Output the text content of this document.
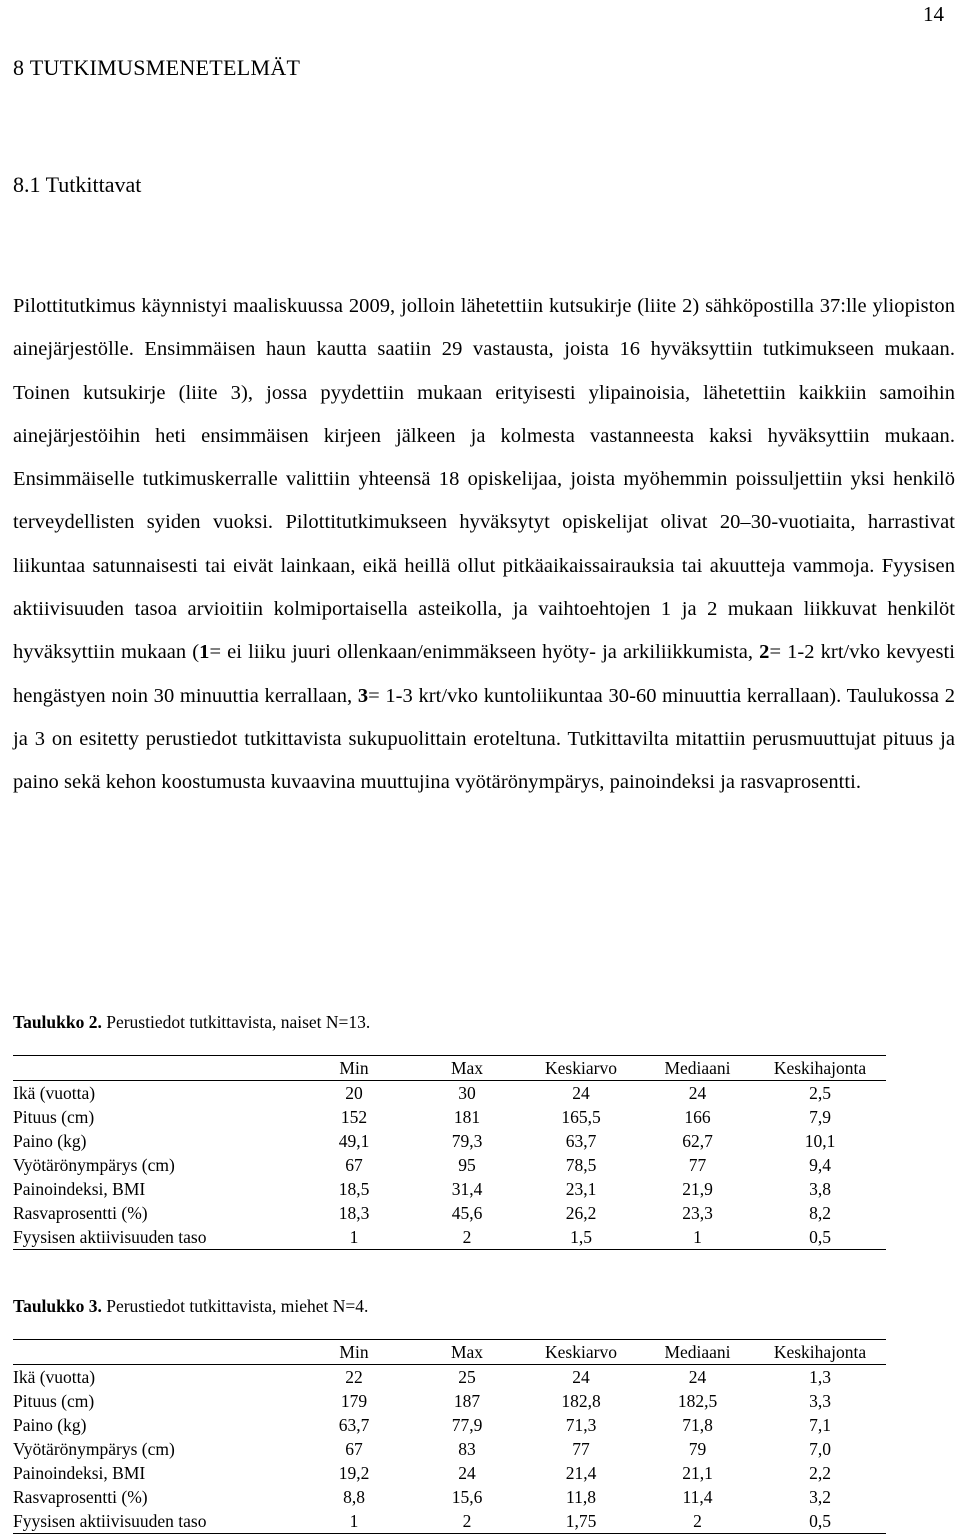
14
8 TUTKIMUSMENETELMÄT
8.1 Tutkittavat

Pilottitutkimus käynnistyi maaliskuussa 2009, jolloin lähetettiin kutsukirje (liite 2) sähköpostilla 37:lle yliopiston ainejärjestölle. Ensimmäisen haun kautta saatiin 29 vastausta, joista 16 hyväksyttiin tutkimukseen mukaan. Toinen kutsukirje (liite 3), jossa pyydettiin mukaan erityisesti ylipainoisia, lähetettiin kaikkiin samoihin ainejärjestöihin heti ensimmäisen kirjeen jälkeen ja kolmesta vastanneesta kaksi hyväksyttiin mukaan. Ensimmäiselle tutkimuskerralle valittiin yhteensä 18 opiskelijaa, joista myöhemmin poissuljettiin yksi henkilö terveydellisten syiden vuoksi. Pilottitutkimukseen hyväksytyt opiskelijat olivat 20–30-vuotiaita, harrastivat liikuntaa satunnaisesti tai eivät lainkaan, eikä heillä ollut pitkäaikaissairauksia tai akuutteja vammoja. Fyysisen aktiivisuuden tasoa arvioitiin kolmiportaisella asteikolla, ja vaihtoehtojen 1 ja 2 mukaan liikkuvat henkilöt hyväksyttiin mukaan (1= ei liiku juuri ollenkaan/enimmäkseen hyöty- ja arkiliikkumista, 2= 1-2 krt/vko kevyesti hengästyen noin 30 minuuttia kerrallaan, 3= 1-3 krt/vko kuntoliikuntaa 30-60 minuuttia kerrallaan). Taulukossa 2 ja 3 on esitetty perustiedot tutkittavista sukupuolittain eroteltuna. Tutkittavilta mitattiin perusmuuttujat pituus ja paino sekä kehon koostumusta kuvaavina muuttujina vyötärönympärys, painoindeksi ja rasvaprosentti.

Taulukko 2. Perustiedot tutkittavista, naiset N=13.

	Min	Max	Keskiarvo	Mediaani	Keskihajonta
Ikä (vuotta)	20	30	24	24	2,5
Pituus (cm)	152	181	165,5	166	7,9
Paino (kg)	49,1	79,3	63,7	62,7	10,1
Vyötärönympärys (cm)	67	95	78,5	77	9,4
Painoindeksi, BMI	18,5	31,4	23,1	21,9	3,8
Rasvaprosentti (%)	18,3	45,6	26,2	23,3	8,2
Fyysisen aktiivisuuden taso	1	2	1,5	1	0,5

Taulukko 3. Perustiedot tutkittavista, miehet N=4.

	Min	Max	Keskiarvo	Mediaani	Keskihajonta
Ikä (vuotta)	22	25	24	24	1,3
Pituus (cm)	179	187	182,8	182,5	3,3
Paino (kg)	63,7	77,9	71,3	71,8	7,1
Vyötärönympärys (cm)	67	83	77	79	7,0
Painoindeksi, BMI	19,2	24	21,4	21,1	2,2
Rasvaprosentti (%)	8,8	15,6	11,8	11,4	3,2
Fyysisen aktiivisuuden taso	1	2	1,75	2	0,5
